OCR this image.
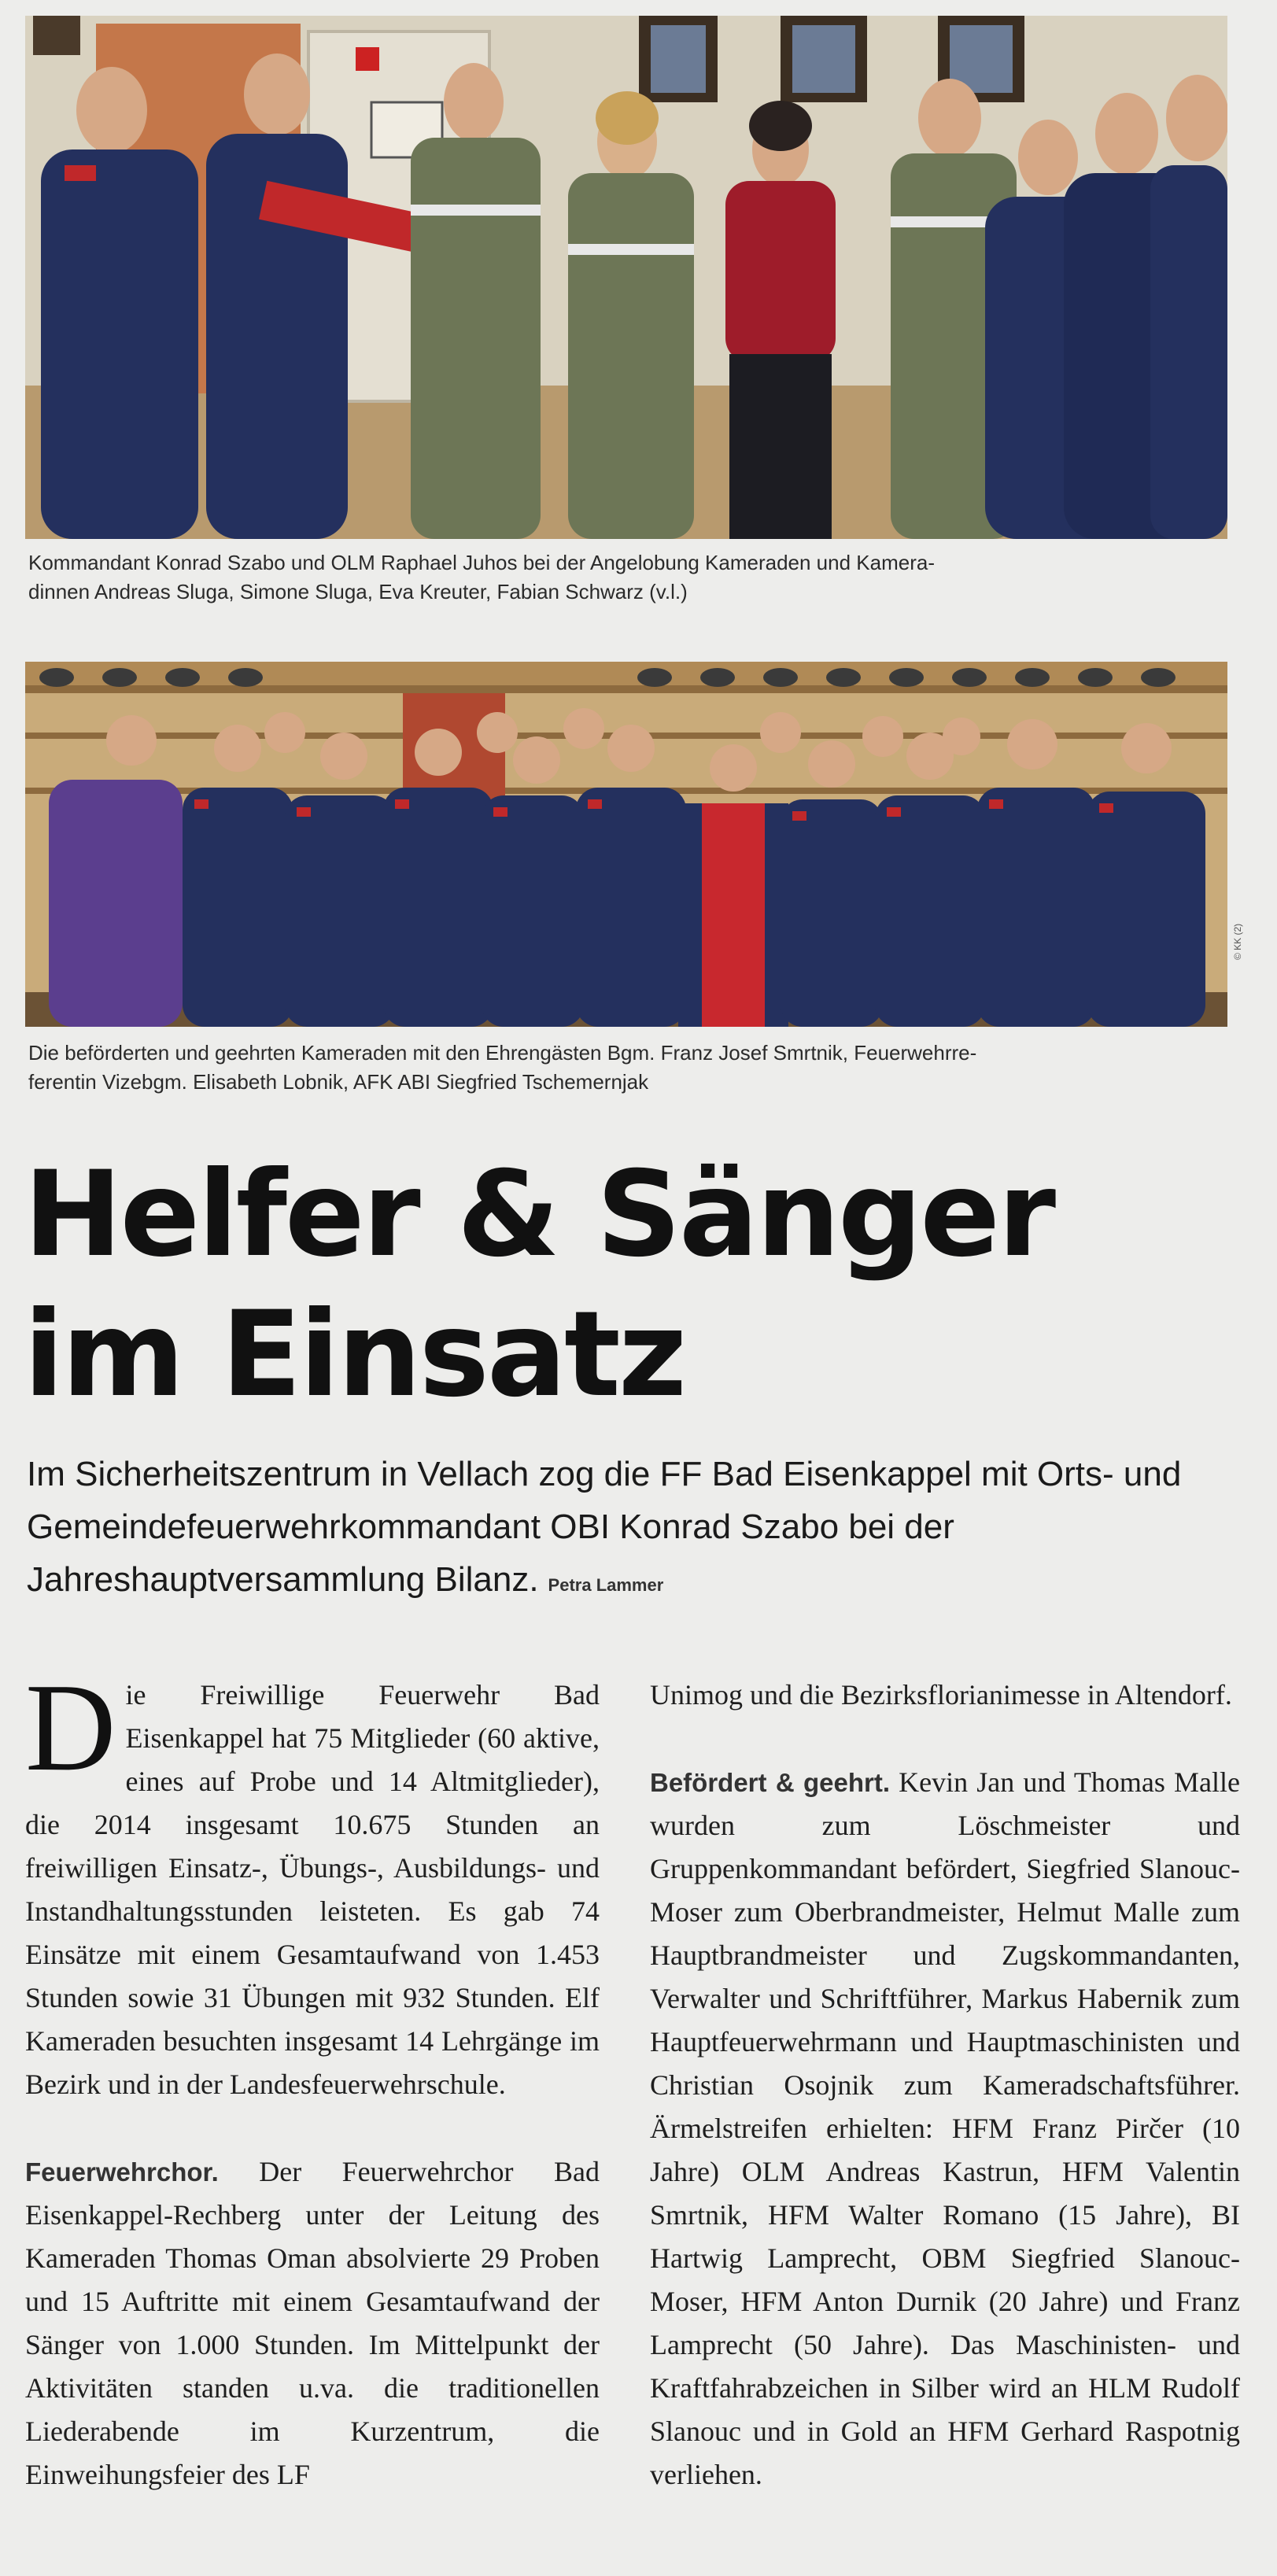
Kommandant Konrad Szabo und OLM Raphael Juhos bei der Angelobung Kameraden und Kamera-
dinnen Andreas Sluga, Simone Sluga, Eva Kreuter, Fabian Schwarz (v.l.)
© KK (2)
Die beförderten und geehrten Kameraden mit den Ehrengästen Bgm. Franz Josef Smrtnik, Feuerwehrre-
ferentin Vizebgm. Elisabeth Lobnik, AFK ABI Siegfried Tschemernjak
Helfer & Sänger
im Einsatz
Im Sicherheitszentrum in Vellach zog die FF Bad Eisenkappel mit Orts- und Gemeindefeuerwehrkommandant OBI Konrad Szabo bei der Jahreshauptversammlung Bilanz. Petra Lammer

Die Freiwillige Feuerwehr Bad Eisenkappel hat 75 Mitglieder (60 aktive, eines auf Probe und 14 Altmitglieder), die 2014 insgesamt 10.675 Stunden an freiwilligen Einsatz-, Übungs-, Ausbildungs- und Instandhaltungsstunden leisteten. Es gab 74 Einsätze mit einem Gesamtaufwand von 1.453 Stunden sowie 31 Übungen mit 932 Stunden. Elf Kameraden besuchten insgesamt 14 Lehrgänge im Bezirk und in der Landesfeuerwehrschule.

Feuerwehrchor. Der Feuerwehrchor Bad Eisenkappel-Rechberg unter der Leitung des Kameraden Thomas Oman absolvierte 29 Proben und 15 Auftritte mit einem Gesamtaufwand der Sänger von 1.000 Stunden. Im Mittelpunkt der Aktivitäten standen u.va. die traditionellen Liederabende im Kurzentrum, die Einweihungsfeier des LF

Unimog und die Bezirksflorianimesse in Altendorf.

Befördert & geehrt. Kevin Jan und Thomas Malle wurden zum Löschmeister und Gruppenkommandant befördert, Siegfried Slanouc-Moser zum Oberbrandmeister, Helmut Malle zum Hauptbrandmeister und Zugskommandanten, Verwalter und Schriftführer, Markus Habernik zum Hauptfeuerwehrmann und Hauptmaschinisten und Christian Osojnik zum Kameradschaftsführer. Ärmelstreifen erhielten: HFM Franz Pirčer (10 Jahre) OLM Andreas Kastrun, HFM Valentin Smrtnik, HFM Walter Romano (15 Jahre), BI Hartwig Lamprecht, OBM Siegfried Slanouc-Moser, HFM Anton Durnik (20 Jahre) und Franz Lamprecht (50 Jahre). Das Maschinisten- und Kraftfahrabzeichen in Silber wird an HLM Rudolf Slanouc und in Gold an HFM Gerhard Raspotnig verliehen.
